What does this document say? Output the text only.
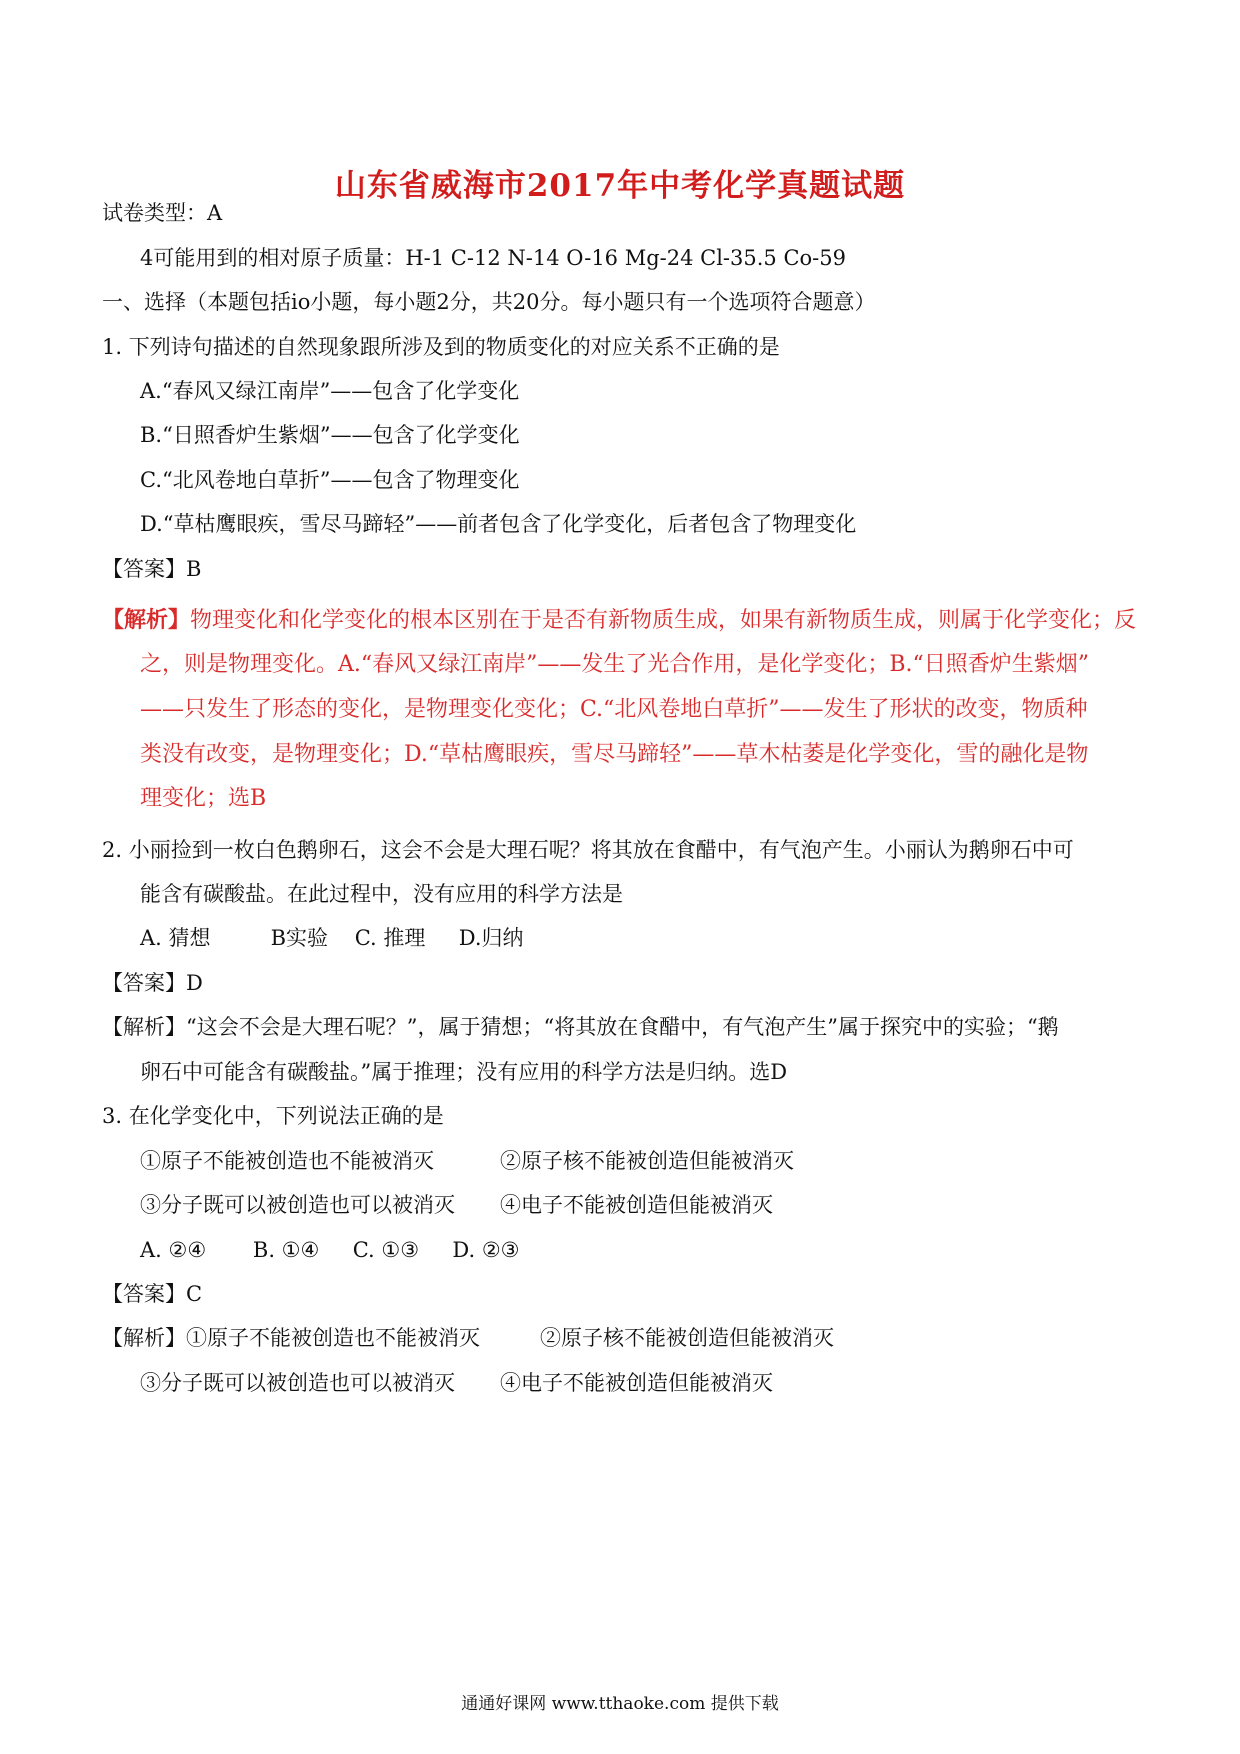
山东省威海市2017年中考化学真题试题
试卷类型：A
4可能用到的相对原子质量：H-1 C-12 N-14 O-16 Mg-24 Cl-35.5 Co-59
一、选择（本题包括io小题，每小题2分，共20分。每小题只有一个选项符合题意）
1. 下列诗句描述的自然现象跟所涉及到的物质变化的对应关系不正确的是
A.“春风又绿江南岸”——包含了化学变化
B.“日照香炉生紫烟”——包含了化学变化
C.“北风卷地白草折”——包含了物理变化
D.“草枯鹰眼疾，雪尽马蹄轻”——前者包含了化学变化，后者包含了物理变化
【答案】B
【解析】物理变化和化学变化的根本区别在于是否有新物质生成，如果有新物质生成，则属于化学变化；反
之，则是物理变化。A.“春风又绿江南岸”——发生了光合作用，是化学变化；B.“日照香炉生紫烟”
——只发生了形态的变化，是物理变化变化；C.“北风卷地白草折”——发生了形状的改变，物质种
类没有改变，是物理变化；D.“草枯鹰眼疾，雪尽马蹄轻”——草木枯萎是化学变化，雪的融化是物
理变化；选B
2. 小丽捡到一枚白色鹅卵石，这会不会是大理石呢？将其放在食醋中，有气泡产生。小丽认为鹅卵石中可
能含有碳酸盐。在此过程中，没有应用的科学方法是
A. 猜想         B实验    C. 推理     D.归纳
【答案】D
【解析】“这会不会是大理石呢？”，属于猜想；“将其放在食醋中，有气泡产生”属于探究中的实验；“鹅
卵石中可能含有碳酸盐。”属于推理；没有应用的科学方法是归纳。选D
3. 在化学变化中，下列说法正确的是
①原子不能被创造也不能被消灭	②原子核不能被创造但能被消灭
③分子既可以被创造也可以被消灭 ④电子不能被创造但能被消灭
A. ②④       B. ①④     C. ①③     D. ②③
【答案】C
【解析】①原子不能被创造也不能被消灭	②原子核不能被创造但能被消灭
③分子既可以被创造也可以被消灭 ④电子不能被创造但能被消灭
通通好课网 www.tthaoke.com 提供下载
